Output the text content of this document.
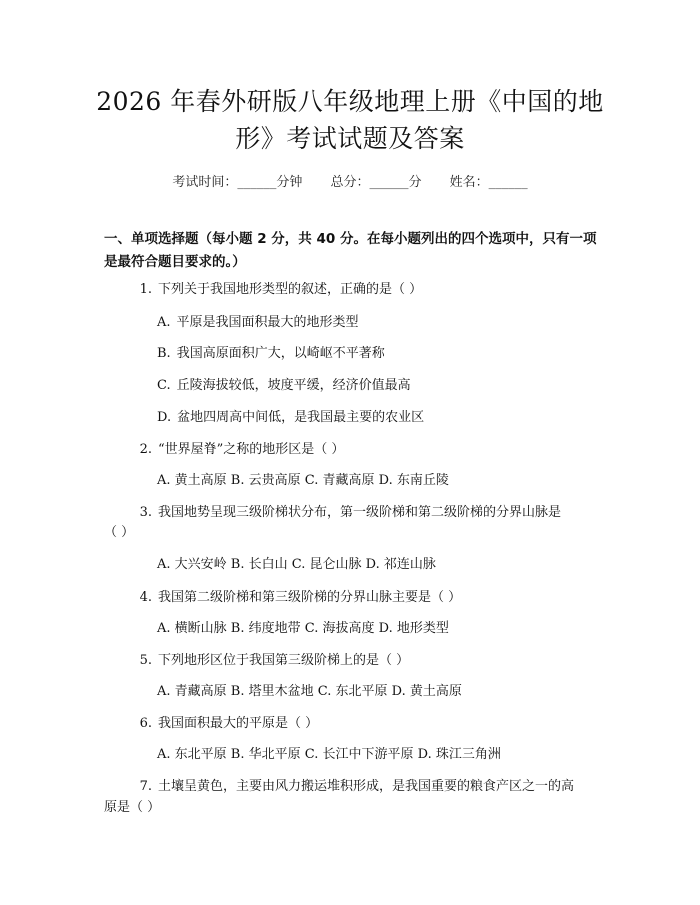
2026 年春外研版八年级地理上册《中国的地
形》考试试题及答案
考试时间：______分钟 总分：______分 姓名：______
一、单项选择题（每小题 2 分，共 40 分。在每小题列出的四个选项中，只有一项
是最符合题目要求的。）
1. 下列关于我国地形类型的叙述，正确的是（ ）
A. 平原是我国面积最大的地形类型
B. 我国高原面积广大，以崎岖不平著称
C. 丘陵海拔较低，坡度平缓，经济价值最高
D. 盆地四周高中间低，是我国最主要的农业区
2. “世界屋脊”之称的地形区是（ ）
A. 黄土高原 B. 云贵高原 C. 青藏高原 D. 东南丘陵
3. 我国地势呈现三级阶梯状分布，第一级阶梯和第二级阶梯的分界山脉是
（ ）
A. 大兴安岭 B. 长白山 C. 昆仑山脉 D. 祁连山脉
4. 我国第二级阶梯和第三级阶梯的分界山脉主要是（ ）
A. 横断山脉 B. 纬度地带 C. 海拔高度 D. 地形类型
5. 下列地形区位于我国第三级阶梯上的是（ ）
A. 青藏高原 B. 塔里木盆地 C. 东北平原 D. 黄土高原
6. 我国面积最大的平原是（ ）
A. 东北平原 B. 华北平原 C. 长江中下游平原 D. 珠江三角洲
7. 土壤呈黄色，主要由风力搬运堆积形成，是我国重要的粮食产区之一的高
原是（ ）
